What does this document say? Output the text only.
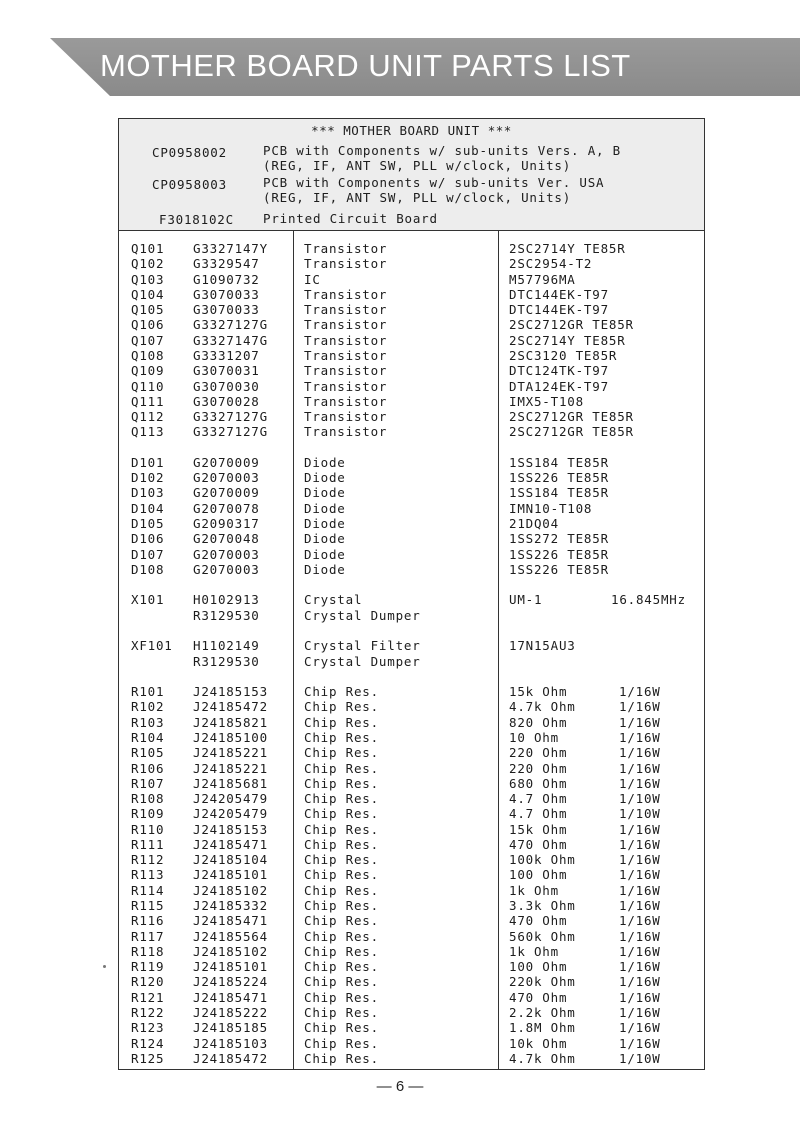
MOTHER BOARD UNIT PARTS LIST
*** MOTHER BOARD UNIT ***
CP0958002	PCB with Components w/ sub-units Vers. A, B
(REG, IF, ANT SW, PLL w/clock, Units)
CP0958003	PCB with Components w/ sub-units Ver. USA
(REG, IF, ANT SW, PLL w/clock, Units)
F3018102C Printed Circuit Board
Q101 G3327147Y	Transistor	2SC2714Y TE85R
Q102 G3329547	Transistor	2SC2954-T2
Q103 G1090732	IC	M57796MA
Q104 G3070033	Transistor	DTC144EK-T97
Q105 G3070033	Transistor	DTC144EK-T97
Q106 G3327127G	Transistor	2SC2712GR TE85R
Q107 G3327147G	Transistor	2SC2714Y TE85R
Q108 G3331207	Transistor	2SC3120 TE85R
Q109 G3070031	Transistor	DTC124TK-T97
Q110 G3070030	Transistor	DTA124EK-T97
Q111 G3070028	Transistor	IMX5-T108
Q112 G3327127G	Transistor	2SC2712GR TE85R
Q113 G3327127G	Transistor	2SC2712GR TE85R
D101 G2070009	Diode	1SS184 TE85R
D102 G2070003	Diode	1SS226 TE85R
D103 G2070009	Diode	1SS184 TE85R
D104 G2070078	Diode	IMN10-T108
D105 G2090317	Diode	21DQ04
D106 G2070048	Diode	1SS272 TE85R
D107 G2070003	Diode	1SS226 TE85R
D108 G2070003	Diode	1SS226 TE85R
X101 H0102913	Crystal	UM-1	16.845MHz
R3129530	Crystal Dumper
XF101 H1102149	Crystal Filter	17N15AU3
R3129530	Crystal Dumper
R101 J24185153	Chip Res.	15k Ohm	1/16W
R102 J24185472	Chip Res.	4.7k Ohm	1/16W
R103 J24185821	Chip Res.	820 Ohm	1/16W
R104 J24185100	Chip Res.	10 Ohm	1/16W
R105 J24185221	Chip Res.	220 Ohm	1/16W
R106 J24185221	Chip Res.	220 Ohm	1/16W
R107 J24185681	Chip Res.	680 Ohm	1/16W
R108 J24205479	Chip Res.	4.7 Ohm	1/10W
R109 J24205479	Chip Res.	4.7 Ohm	1/10W
R110 J24185153	Chip Res.	15k Ohm	1/16W
R111 J24185471	Chip Res.	470 Ohm	1/16W
R112 J24185104	Chip Res.	100k Ohm	1/16W
R113 J24185101	Chip Res.	100 Ohm	1/16W
R114 J24185102	Chip Res.	1k Ohm	1/16W
R115 J24185332	Chip Res.	3.3k Ohm	1/16W
R116 J24185471	Chip Res.	470 Ohm	1/16W
R117 J24185564	Chip Res.	560k Ohm	1/16W
R118 J24185102	Chip Res.	1k Ohm	1/16W
R119 J24185101	Chip Res.	100 Ohm	1/16W
R120 J24185224	Chip Res.	220k Ohm	1/16W
R121 J24185471	Chip Res.	470 Ohm	1/16W
R122 J24185222	Chip Res.	2.2k Ohm	1/16W
R123 J24185185	Chip Res.	1.8M Ohm	1/16W
R124 J24185103	Chip Res.	10k Ohm	1/16W
R125 J24185472	Chip Res.	4.7k Ohm	1/10W
— 6 —
